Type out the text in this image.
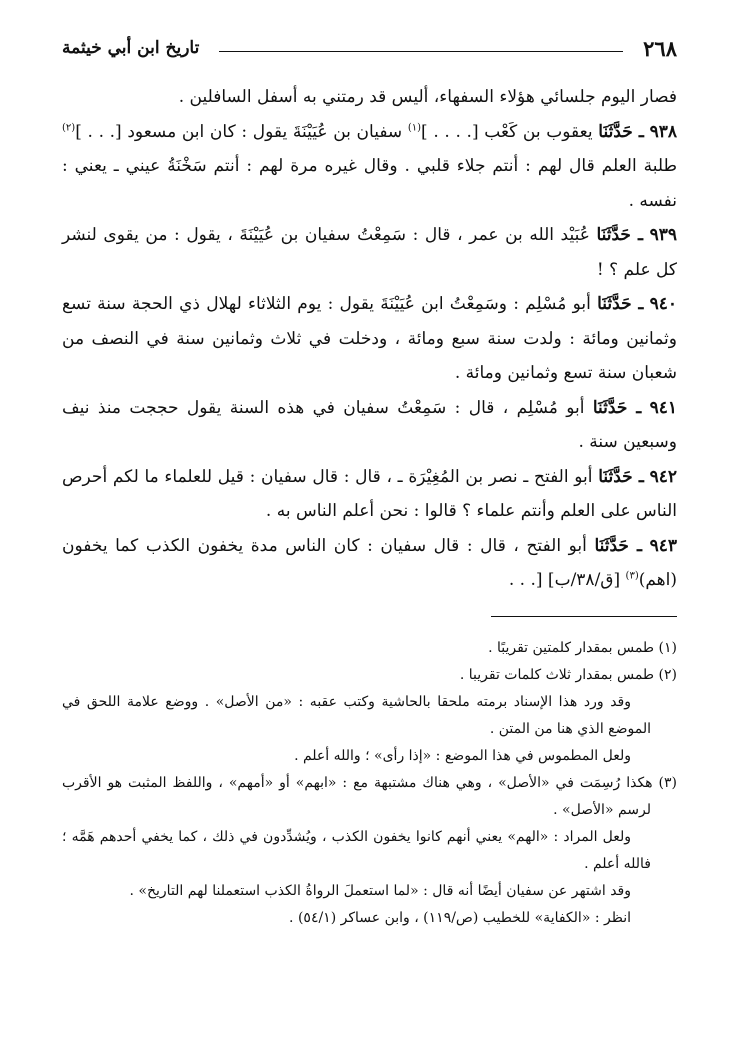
٢٦٨
تاريخ ابن أبي خيثمة

فصار اليوم جلسائي هؤلاء السفهاء، أليس قد رمتني به أسفل السافلين .

٩٣٨ ـ حَدَّثَنَا يعقوب بن كَعْب [. . . . ]$^{(١)}$ سفيان بن عُيَيْنَةَ يقول : كان ابن مسعود [. . . ]$^{(٢)}$ طلبة العلم قال لهم : أنتم جلاء قلبي . وقال غيره مرة لهم : أنتم سَخْنَةُ عيني ـ يعني : نفسه .

٩٣٩ ـ حَدَّثَنَا عُبَيْد الله بن عمر ، قال : سَمِعْتُ سفيان بن عُيَيْنَةَ ، يقول : من يقوى لنشر كل علم ؟ !

٩٤٠ ـ حَدَّثَنَا أبو مُسْلِم : وسَمِعْتُ ابن عُيَيْنَةَ يقول : يوم الثلاثاء لهلال ذي الحجة سنة تسع وثمانين ومائة : ولدت سنة سبع ومائة ، ودخلت في ثلاث وثمانين سنة في النصف من شعبان سنة تسع وثمانين ومائة .

٩٤١ ـ حَدَّثَنَا أبو مُسْلِم ، قال : سَمِعْتُ سفيان في هذه السنة يقول حججت منذ نيف وسبعين سنة .

٩٤٢ ـ حَدَّثَنَا أبو الفتح ـ نصر بن المُغِيْرَة ـ ، قال : قال سفيان : قيل للعلماء ما لكم أحرص الناس على العلم وأنتم علماء ؟ قالوا : نحن أعلم الناس به .

٩٤٣ ـ حَدَّثَنَا أبو الفتح ، قال : قال سفيان : كان الناس مدة يخفون الكذب كما يخفون (اهم)$^{(٣)}$ [ق/٣٨/ب] [. . .

(١) طمس بمقدار كلمتين تقريبًا .

(٢) طمس بمقدار ثلاث كلمات تقريبا .

وقد ورد هذا الإسناد برمته ملحقا بالحاشية وكتب عقبه : «من الأصل» . ووضع علامة اللحق في الموضع الذي هنا من المتن .

ولعل المطموس في هذا الموضع : «إذا رأى» ؛ والله أعلم .

(٣) هكذا رُسِمَت في «الأصل» ، وهي هناك مشتبهة مع : «ابهم» أو «أمهم» ، واللفظ المثبت هو الأقرب لرسم «الأصل» .

ولعل المراد : «الهم» يعني أنهم كانوا يخفون الكذب ، ويُشدِّدون في ذلك ، كما يخفي أحدهم هَمَّه ؛ فالله أعلم .

وقد اشتهر عن سفيان أيضًا أنه قال : «لما استعملَ الرواةُ الكذب استعملنا لهم التاريخ» .

انظر : «الكفاية» للخطيب (ص/١١٩) ، وابن عساكر (٥٤/١) .
